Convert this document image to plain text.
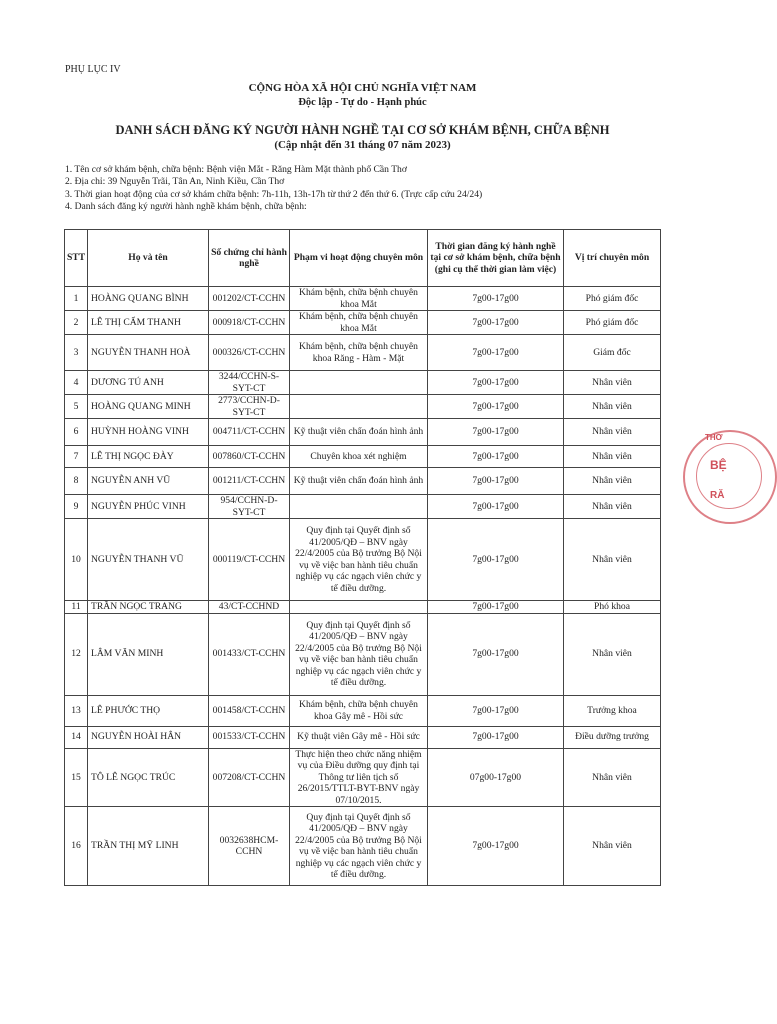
PHỤ LỤC IV
CỘNG HÒA XÃ HỘI CHỦ NGHĨA VIỆT NAM
Độc lập - Tự do - Hạnh phúc
DANH SÁCH ĐĂNG KÝ NGƯỜI HÀNH NGHỀ TẠI CƠ SỞ KHÁM BỆNH, CHỮA BỆNH
(Cập nhật đến 31 tháng 07 năm 2023)
1. Tên cơ sở khám bệnh, chữa bệnh: Bệnh viện Mắt - Răng Hàm Mặt thành phố Cần Thơ
2. Địa chỉ: 39 Nguyễn Trãi, Tân An, Ninh Kiều, Cần Thơ
3. Thời gian hoạt động của cơ sở khám chữa bệnh: 7h-11h, 13h-17h từ thứ 2 đến thứ 6. (Trực cấp cứu 24/24)
4. Danh sách đăng ký người hành nghề khám bệnh, chữa bệnh:
STT	Họ và tên	Số chứng chỉ hành nghề	Phạm vi hoạt động chuyên môn	Thời gian đăng ký hành nghề tại cơ sở khám bệnh, chữa bệnh (ghi cụ thể thời gian làm việc)	Vị trí chuyên môn
1	HOÀNG QUANG BÌNH	001202/CT-CCHN	Khám bệnh, chữa bệnh chuyên khoa Mắt	7g00-17g00	Phó giám đốc
2	LÊ THỊ CẨM THANH	000918/CT-CCHN	Khám bệnh, chữa bệnh chuyên khoa Mắt	7g00-17g00	Phó giám đốc
3	NGUYỄN THANH HOÀ	000326/CT-CCHN	Khám bệnh, chữa bệnh chuyên khoa Răng - Hàm - Mặt	7g00-17g00	Giám đốc
4	DƯƠNG TÚ ANH	3244/CCHN-S-SYT-CT		7g00-17g00	Nhân viên
5	HOÀNG QUANG MINH	2773/CCHN-D-SYT-CT		7g00-17g00	Nhân viên
6	HUỲNH HOÀNG VINH	004711/CT-CCHN	Kỹ thuật viên chẩn đoán hình ảnh	7g00-17g00	Nhân viên
7	LÊ THỊ NGỌC ĐÀY	007860/CT-CCHN	Chuyên khoa xét nghiệm	7g00-17g00	Nhân viên
8	NGUYỄN ANH VŨ	001211/CT-CCHN	Kỹ thuật viên chẩn đoán hình ảnh	7g00-17g00	Nhân viên
9	NGUYỄN PHÚC VINH	954/CCHN-D-SYT-CT		7g00-17g00	Nhân viên
10	NGUYỄN THANH VŨ	000119/CT-CCHN	Quy định tại Quyết định số 41/2005/QĐ – BNV ngày 22/4/2005 của Bộ trưởng Bộ Nội vụ về việc ban hành tiêu chuẩn nghiệp vụ các ngạch viên chức y tế điều dưỡng.	7g00-17g00	Nhân viên
11	TRẦN NGỌC TRANG	43/CT-CCHND		7g00-17g00	Phó khoa
12	LÂM VĂN MINH	001433/CT-CCHN	Quy định tại Quyết định số 41/2005/QĐ – BNV ngày 22/4/2005 của Bộ trưởng Bộ Nội vụ về việc ban hành tiêu chuẩn nghiệp vụ các ngạch viên chức y tế điều dưỡng.	7g00-17g00	Nhân viên
13	LÊ PHƯỚC THỌ	001458/CT-CCHN	Khám bệnh, chữa bệnh chuyên khoa Gây mê - Hồi sức	7g00-17g00	Trưởng khoa
14	NGUYỄN HOÀI HÂN	001533/CT-CCHN	Kỹ thuật viên Gây mê - Hồi sức	7g00-17g00	Điều dưỡng trưởng
15	TÔ LÊ NGỌC TRÚC	007208/CT-CCHN	Thực hiện theo chức năng nhiệm vụ của Điều dưỡng quy định tại Thông tư liên tịch số 26/2015/TTLT-BYT-BNV ngày 07/10/2015.	07g00-17g00	Nhân viên
16	TRẦN THỊ MỸ LINH	0032638HCM-CCHN	Quy định tại Quyết định số 41/2005/QĐ – BNV ngày 22/4/2005 của Bộ trưởng Bộ Nội vụ về việc ban hành tiêu chuẩn nghiệp vụ các ngạch viên chức y tế điều dưỡng.	7g00-17g00	Nhân viên
THƠ
BỆ
RĂ
